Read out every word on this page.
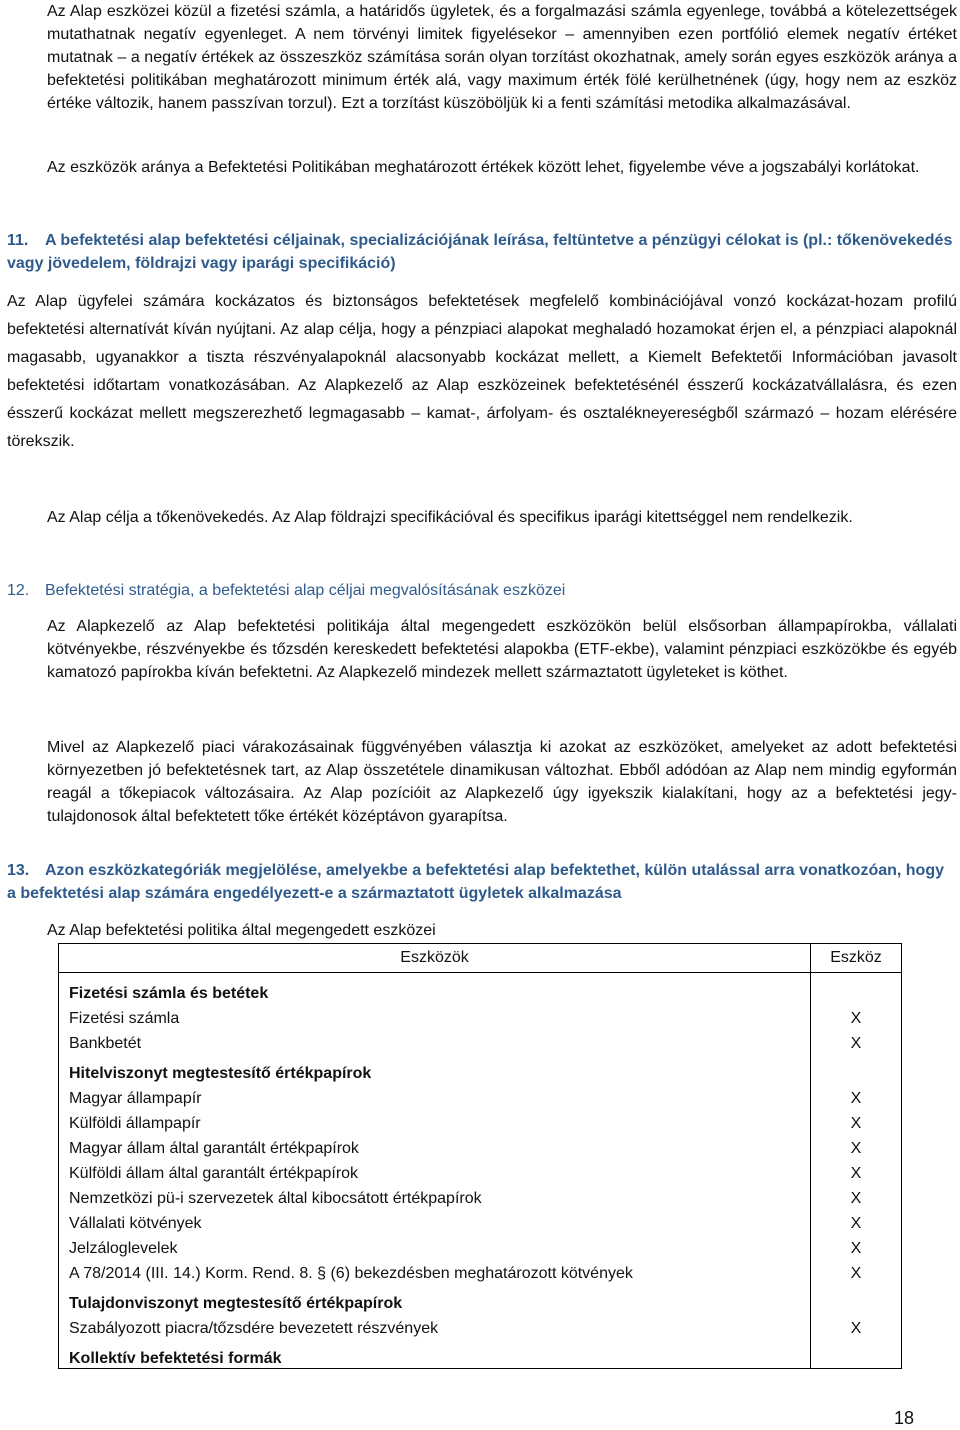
Az Alap eszközei közül a fizetési számla, a határidős ügyletek, és a forgalmazási számla egyenlege, továbbá a kötelezettségek mutathatnak negatív egyenleget. A nem törvényi limitek figyelésekor – amennyiben ezen portfólió elemek negatív értéket mutatnak – a negatív értékek az összeszköz számítása során olyan torzítást okozhatnak, amely során egyes eszközök aránya a befektetési politikában meghatározott minimum érték alá, vagy maximum érték fölé kerülhetnének (úgy, hogy nem az eszköz értéke változik, hanem passzívan torzul). Ezt a torzítást küszöböljük ki a fenti számítási metodika alkalmazásával.

Az eszközök aránya a Befektetési Politikában meghatározott értékek között lehet, figyelembe véve a jogszabályi korlátokat.

11. A befektetési alap befektetési céljainak, specializációjának leírása, feltüntetve a pénzügyi célokat is (pl.: tőkenövekedés vagy jövedelem, földrajzi vagy iparági specifikáció)

Az Alap ügyfelei számára kockázatos és biztonságos befektetések megfelelő kombinációjával vonzó kockázat-hozam profilú befektetési alternatívát kíván nyújtani. Az alap célja, hogy a pénzpiaci alapokat meghaladó hozamokat érjen el, a pénzpiaci alapoknál magasabb, ugyanakkor a tiszta részvényalapoknál alacsonyabb kockázat mellett, a Kiemelt Befektetői Információban javasolt befektetési időtartam vonatkozásában. Az Alapkezelő az Alap eszközeinek befektetésénél ésszerű kockázatvállalásra, és ezen ésszerű kockázat mellett megszerezhető legmagasabb – kamat-, árfolyam- és osztalékneyereségből származó – hozam elérésére törekszik.

Az Alap célja a tőkenövekedés. Az Alap földrajzi specifikációval és specifikus iparági kitettséggel nem rendelkezik.

12. Befektetési stratégia, a befektetési alap céljai megvalósításának eszközei

Az Alapkezelő az Alap befektetési politikája által megengedett eszközökön belül elsősorban állampapírokba, vállalati kötvényekbe, részvényekbe és tőzsdén kereskedett befektetési alapokba (ETF-ekbe), valamint pénzpiaci eszközökbe és egyéb kamatozó papírokba kíván befektetni. Az Alapkezelő mindezek mellett származtatott ügyleteket is köthet.

Mivel az Alapkezelő piaci várakozásainak függvényében választja ki azokat az eszközöket, amelyeket az adott befektetési környezetben jó befektetésnek tart, az Alap összetétele dinamikusan változhat. Ebből adódóan az Alap nem mindig egyformán reagál a tőkepiacok változásaira. Az Alap pozícióit az Alapkezelő úgy igyekszik kialakítani, hogy az a befektetési jegy-tulajdonosok által befektetett tőke értékét középtávon gyarapítsa.

13. Azon eszközkategóriák megjelölése, amelyekbe a befektetési alap befektethet, külön utalással arra vonatkozóan, hogy a befektetési alap számára engedélyezett-e a származtatott ügyletek alkalmazása

Az Alap befektetési politika által megengedett eszközei

Eszközök	Eszköz
Fizetési számla és betétek	
Fizetési számla	X
Bankbetét	X
Hitelviszonyt megtestesítő értékpapírok	
Magyar állampapír	X
Külföldi állampapír	X
Magyar állam által garantált értékpapírok	X
Külföldi állam által garantált értékpapírok	X
Nemzetközi pü-i szervezetek által kibocsátott értékpapírok	X
Vállalati kötvények	X
Jelzáloglevelek	X
A 78/2014 (III. 14.) Korm. Rend. 8. § (6) bekezdésben meghatározott kötvények	X
Tulajdonviszonyt megtestesítő értékpapírok	
Szabályozott piacra/tőzsdére bevezetett részvények	X
Kollektív befektetési formák	
18
